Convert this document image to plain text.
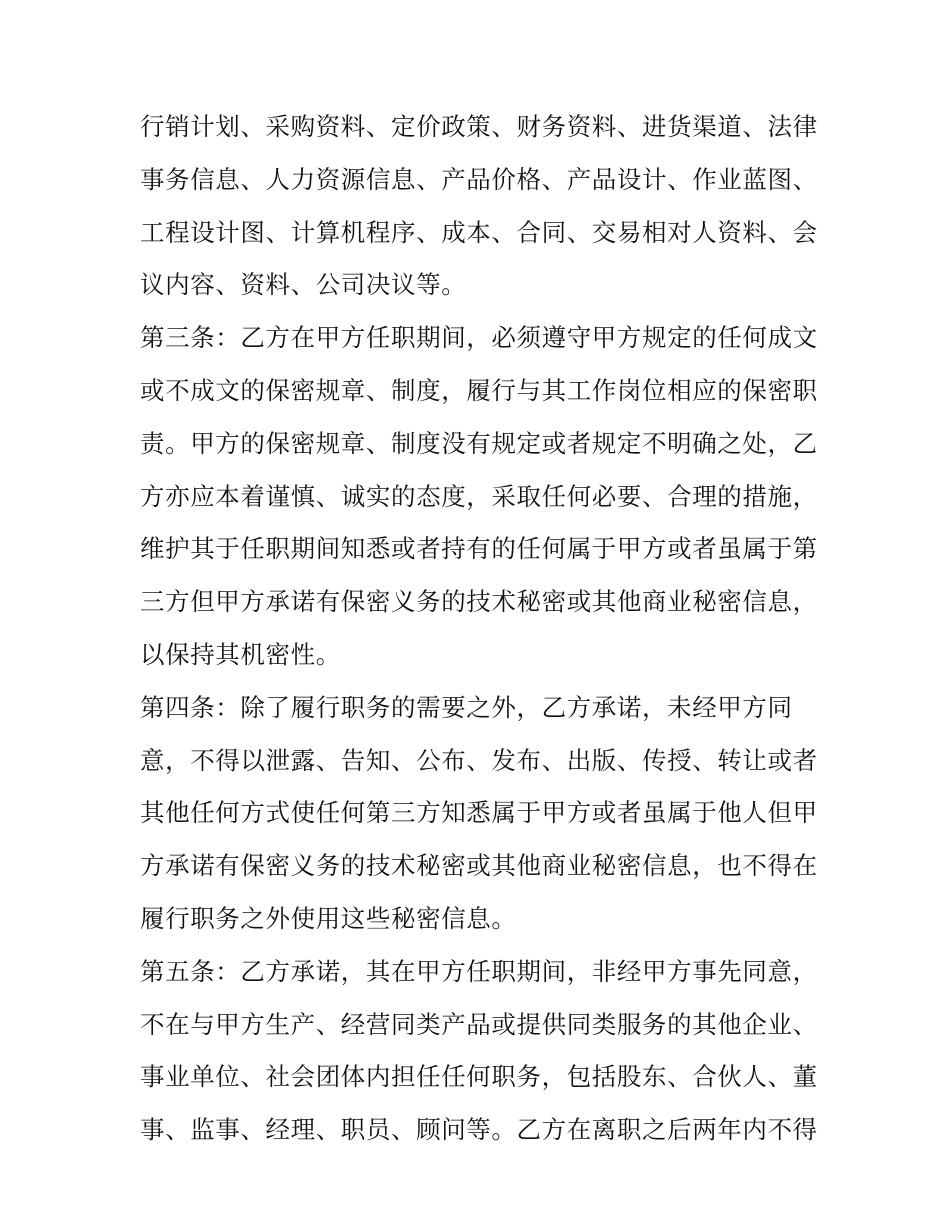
行销计划、采购资料、定价政策、财务资料、进货渠道、法律
事务信息、人力资源信息、产品价格、产品设计、作业蓝图、
工程设计图、计算机程序、成本、合同、交易相对人资料、会
议内容、资料、公司决议等。

第三条：乙方在甲方任职期间，必须遵守甲方规定的任何成文
或不成文的保密规章、制度，履行与其工作岗位相应的保密职
责。甲方的保密规章、制度没有规定或者规定不明确之处，乙
方亦应本着谨慎、诚实的态度，采取任何必要、合理的措施，
维护其于任职期间知悉或者持有的任何属于甲方或者虽属于第
三方但甲方承诺有保密义务的技术秘密或其他商业秘密信息，
以保持其机密性。

第四条：除了履行职务的需要之外，乙方承诺，未经甲方同
意，不得以泄露、告知、公布、发布、出版、传授、转让或者
其他任何方式使任何第三方知悉属于甲方或者虽属于他人但甲
方承诺有保密义务的技术秘密或其他商业秘密信息，也不得在
履行职务之外使用这些秘密信息。

第五条：乙方承诺，其在甲方任职期间，非经甲方事先同意，
不在与甲方生产、经营同类产品或提供同类服务的其他企业、
事业单位、社会团体内担任任何职务，包括股东、合伙人、董
事、监事、经理、职员、顾问等。乙方在离职之后两年内不得
